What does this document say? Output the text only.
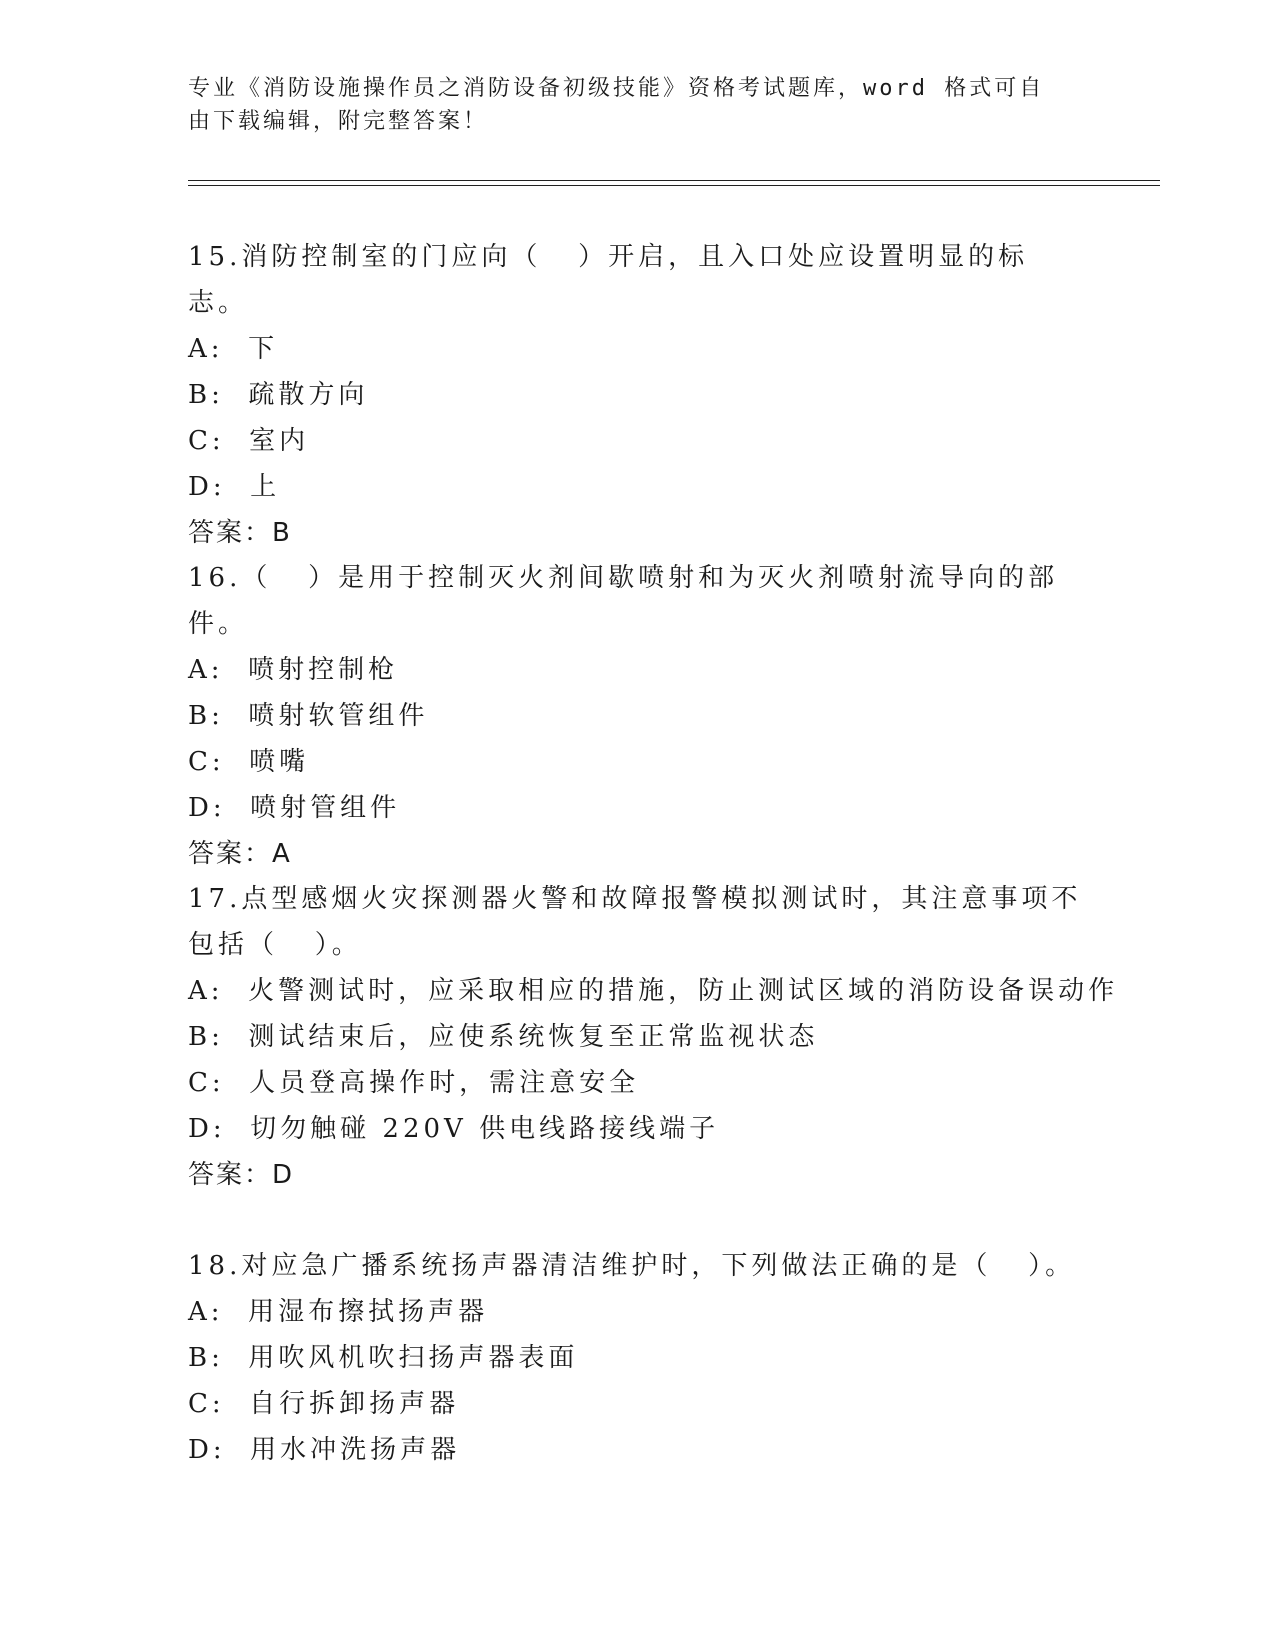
专业《消防设施操作员之消防设备初级技能》资格考试题库，word 格式可自由下载编辑，附完整答案！
15.消防控制室的门应向（   ）开启，且入口处应设置明显的标志。
A:  下
B:  疏散方向
C:  室内
D:  上
答案：B
16.（   ）是用于控制灭火剂间歇喷射和为灭火剂喷射流导向的部件。
A:  喷射控制枪
B:  喷射软管组件
C:  喷嘴
D:  喷射管组件
答案：A
17.点型感烟火灾探测器火警和故障报警模拟测试时，其注意事项不包括（   ）。
A:  火警测试时，应采取相应的措施，防止测试区域的消防设备误动作
B:  测试结束后，应使系统恢复至正常监视状态
C:  人员登高操作时，需注意安全
D:  切勿触碰 220V 供电线路接线端子
答案：D
18.对应急广播系统扬声器清洁维护时，下列做法正确的是（   ）。
A:  用湿布擦拭扬声器
B:  用吹风机吹扫扬声器表面
C:  自行拆卸扬声器
D:  用水冲洗扬声器
